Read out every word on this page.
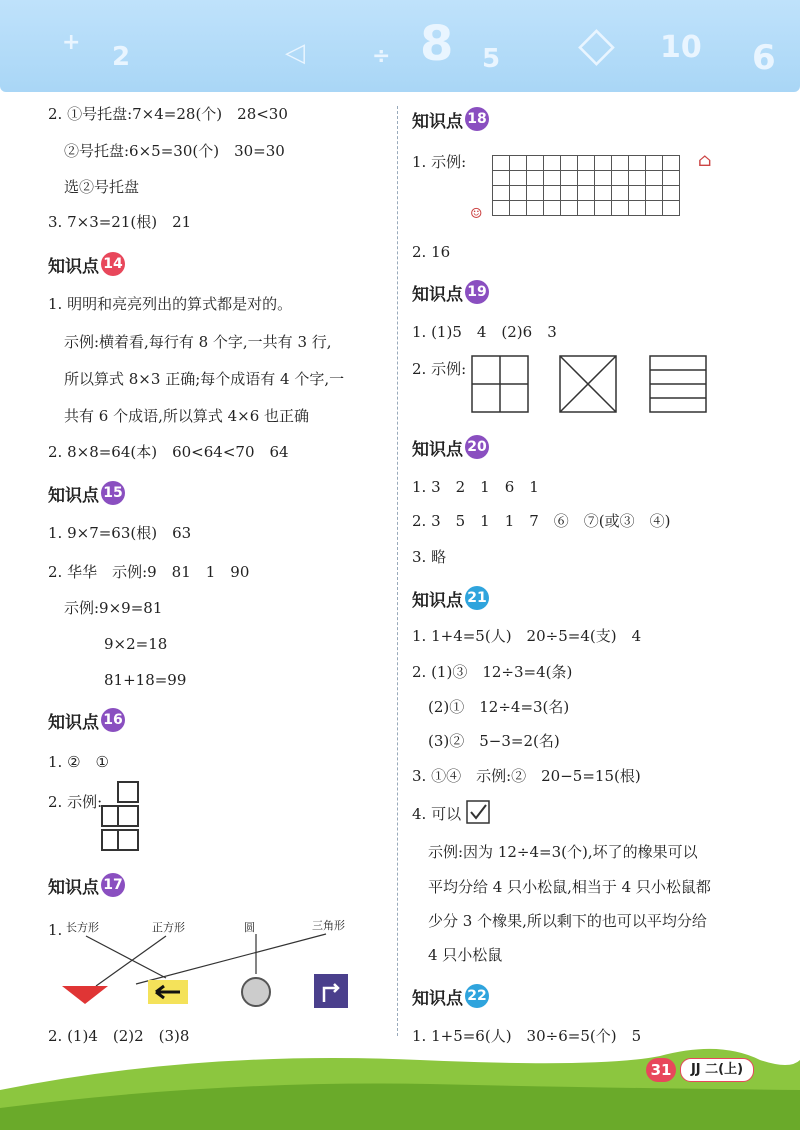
+ 2	◁	÷ 8 5 ◇ 10 6
2. ①号托盘:7×4=28(个)　28<30
②号托盘:6×5=30(个)　30=30
选②号托盘
3. 7×3=21(根)　21
知识点 14
1. 明明和亮亮列出的算式都是对的。
示例:横着看,每行有 8 个字,一共有 3 行,
所以算式 8×3 正确;每个成语有 4 个字,一
共有 6 个成语,所以算式 4×6 也正确
2. 8×8=64(本)　60<64<70　64
知识点 15
1. 9×7=63(根)　63
2. 华华　示例:9　81　1　90
示例:9×9=81
9×2=18
81+18=99
知识点 16
1. ②　①
2. 示例:
知识点 17
1. 长方形	正方形	圆	三角形
2. (1)4　(2)2　(3)8
知识点 18
1. 示例:

											⌂
☺
2. 16
知识点 19
1. (1)5　4　(2)6　3
2. 示例:
知识点 20
1. 3　2　1　6　1
2. 3　5　1　1　7　⑥　⑦(或③　④)
3. 略
知识点 21
1. 1+4=5(人)　20÷5=4(支)　4
2. (1)③　12÷3=4(条)
(2)①　12÷4=3(名)
(3)②　5−3=2(名)
3. ①④　示例:②　20−5=15(根)
4. 可以
示例:因为 12÷4=3(个),坏了的橡果可以
平均分给 4 只小松鼠,相当于 4 只小松鼠都
少分 3 个橡果,所以剩下的也可以平均分给
4 只小松鼠
知识点 22
1. 1+5=6(人)　30÷6=5(个)　5
31	JJ 二(上)
